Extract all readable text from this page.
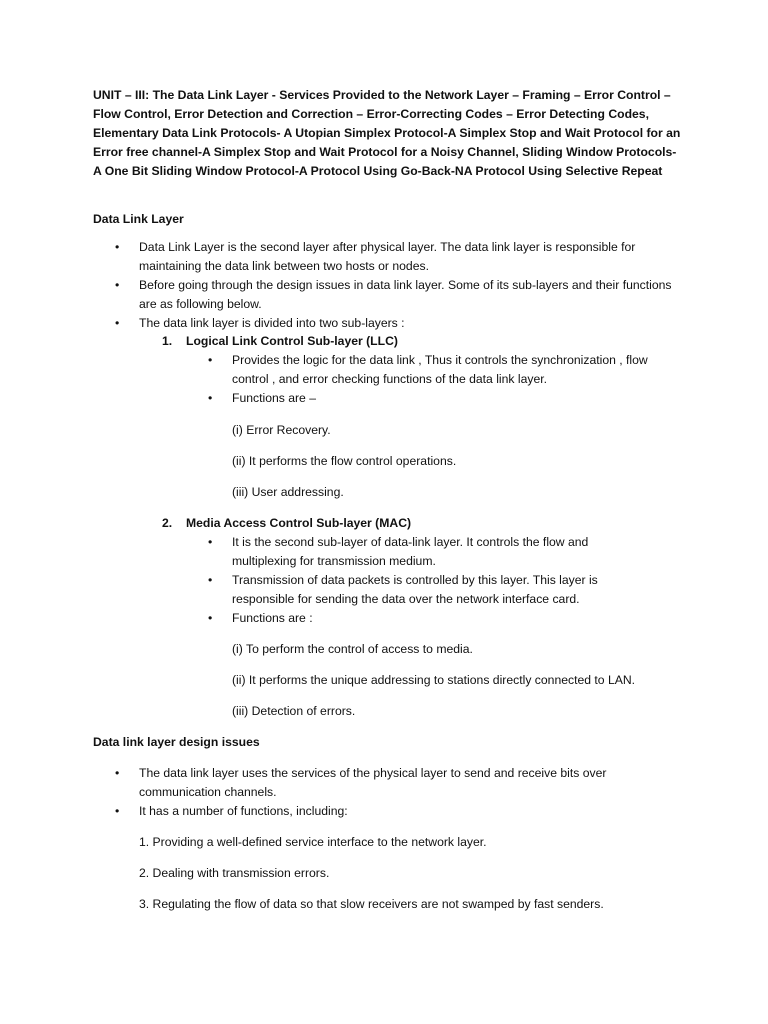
UNIT – III: The Data Link Layer - Services Provided to the Network Layer – Framing – Error Control – Flow Control, Error Detection and Correction – Error-Correcting Codes – Error Detecting Codes, Elementary Data Link Protocols- A Utopian Simplex Protocol-A Simplex Stop and Wait Protocol for an Error free channel-A Simplex Stop and Wait Protocol for a Noisy Channel, Sliding Window Protocols-A One Bit Sliding Window Protocol-A Protocol Using Go-Back-NA Protocol Using Selective Repeat

Data Link Layer

• Data Link Layer is the second layer after physical layer. The data link layer is responsible for maintaining the data link between two hosts or nodes.
• Before going through the design issues in data link layer. Some of its sub-layers and their functions are as following below.
• The data link layer is divided into two sub-layers :
1. Logical Link Control Sub-layer (LLC)
• Provides the logic for the data link , Thus it controls the synchronization , flow control , and error checking functions of the data link layer.
• Functions are –
(i) Error Recovery.
(ii) It performs the flow control operations.
(iii) User addressing.
2. Media Access Control Sub-layer (MAC)
• It is the second sub-layer of data-link layer. It controls the flow and multiplexing for transmission medium.
• Transmission of data packets is controlled by this layer. This layer is responsible for sending the data over the network interface card.
• Functions are :
(i) To perform the control of access to media.
(ii) It performs the unique addressing to stations directly connected to LAN.
(iii) Detection of errors.

Data link layer design issues

• The data link layer uses the services of the physical layer to send and receive bits over communication channels.
• It has a number of functions, including:
1. Providing a well-defined service interface to the network layer.
2. Dealing with transmission errors.
3. Regulating the flow of data so that slow receivers are not swamped by fast senders.
